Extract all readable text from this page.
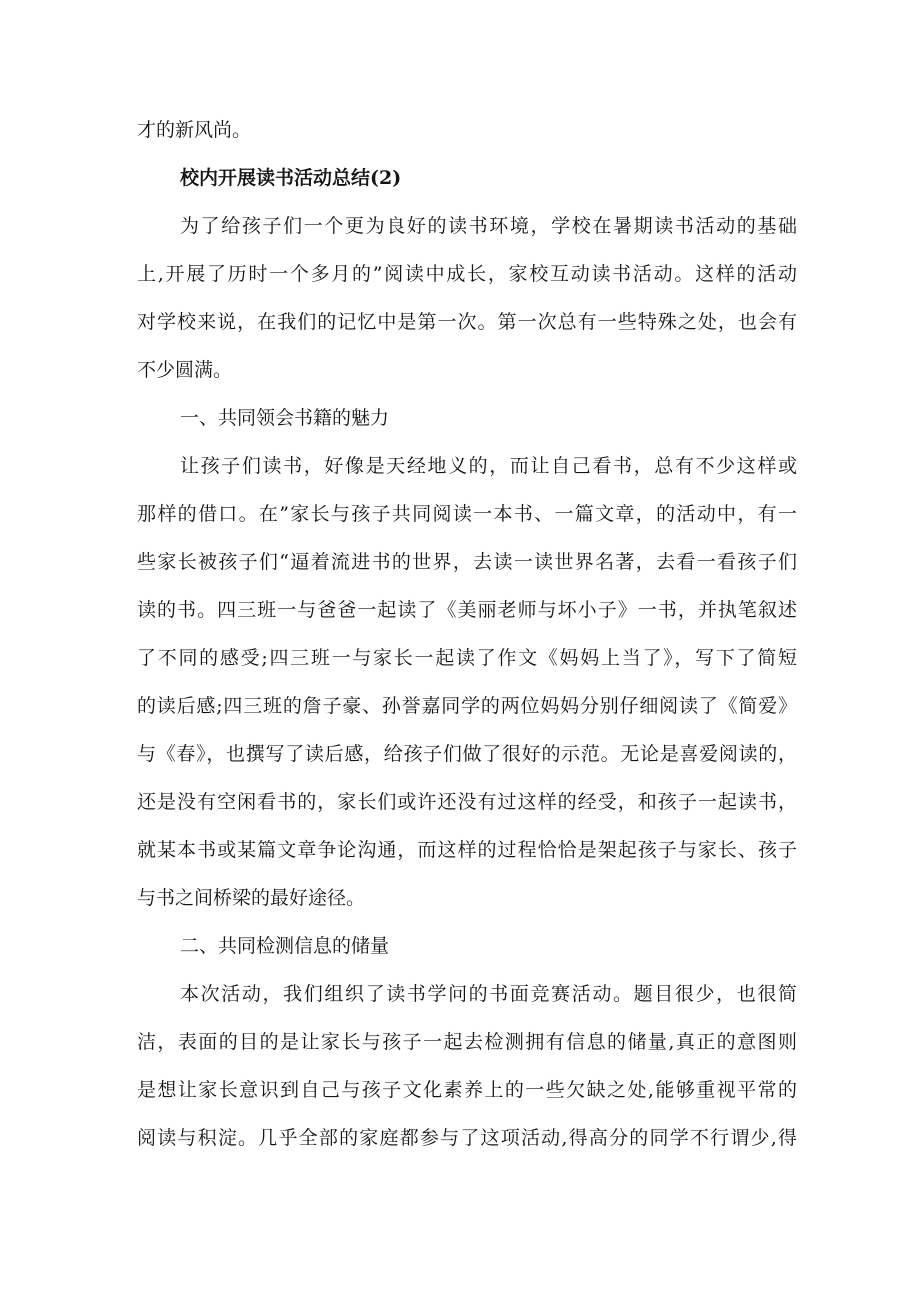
才的新风尚。
校内开展读书活动总结(2)
为了给孩子们一个更为良好的读书环境，学校在暑期读书活动的基础
上,开展了历时一个多月的”阅读中成长，家校互动读书活动。这样的活动
对学校来说，在我们的记忆中是第一次。第一次总有一些特殊之处，也会有
不少圆满。
一、共同领会书籍的魅力
让孩子们读书，好像是天经地义的，而让自己看书，总有不少这样或
那样的借口。在”家长与孩子共同阅读一本书、一篇文章，的活动中，有一
些家长被孩子们“逼着流进书的世界，去读一读世界名著，去看一看孩子们
读的书。四三班一与爸爸一起读了《美丽老师与坏小子》一书，并执笔叙述
了不同的感受;四三班一与家长一起读了作文《妈妈上当了》，写下了简短
的读后感;四三班的詹子豪、孙誉嘉同学的两位妈妈分别仔细阅读了《简爱》
与《春》，也撰写了读后感，给孩子们做了很好的示范。无论是喜爱阅读的，
还是没有空闲看书的，家长们或许还没有过这样的经受，和孩子一起读书，
就某本书或某篇文章争论沟通，而这样的过程恰恰是架起孩子与家长、孩子
与书之间桥梁的最好途径。
二、共同检测信息的储量
本次活动，我们组织了读书学问的书面竞赛活动。题目很少，也很简
洁，表面的目的是让家长与孩子一起去检测拥有信息的储量,真正的意图则
是想让家长意识到自己与孩子文化素养上的一些欠缺之处,能够重视平常的
阅读与积淀。几乎全部的家庭都参与了这项活动,得高分的同学不行谓少,得
